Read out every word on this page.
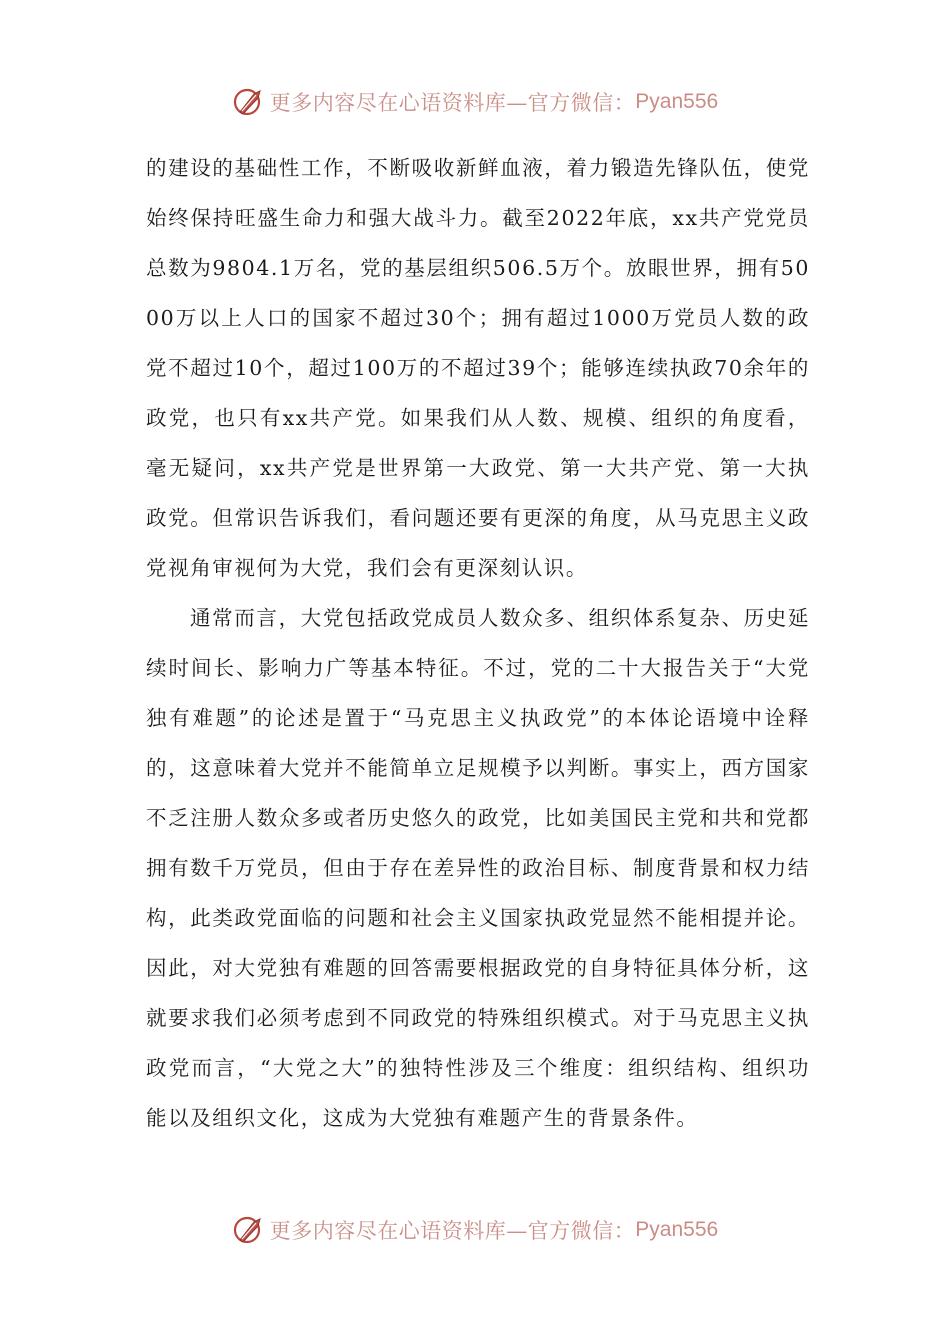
更多内容尽在心语资料库—官方微信： Pyan556

的建设的基础性工作，不断吸收新鲜血液，着力锻造先锋队伍，使党始终保持旺盛生命力和强大战斗力。截至2022年底，xx共产党党员总数为9804.1万名，党的基层组织506.5万个。放眼世界，拥有5000万以上人口的国家不超过30个；拥有超过1000万党员人数的政党不超过10个，超过100万的不超过39个；能够连续执政70余年的政党，也只有xx共产党。如果我们从人数、规模、组织的角度看，毫无疑问，xx共产党是世界第一大政党、第一大共产党、第一大执政党。但常识告诉我们，看问题还要有更深的角度，从马克思主义政党视角审视何为大党，我们会有更深刻认识。

通常而言，大党包括政党成员人数众多、组织体系复杂、历史延续时间长、影响力广等基本特征。不过，党的二十大报告关于“大党独有难题”的论述是置于“马克思主义执政党”的本体论语境中诠释的，这意味着大党并不能简单立足规模予以判断。事实上，西方国家不乏注册人数众多或者历史悠久的政党，比如美国民主党和共和党都拥有数千万党员，但由于存在差异性的政治目标、制度背景和权力结构，此类政党面临的问题和社会主义国家执政党显然不能相提并论。因此，对大党独有难题的回答需要根据政党的自身特征具体分析，这就要求我们必须考虑到不同政党的特殊组织模式。对于马克思主义执政党而言，“大党之大”的独特性涉及三个维度：组织结构、组织功能以及组织文化，这成为大党独有难题产生的背景条件。

更多内容尽在心语资料库—官方微信： Pyan556
